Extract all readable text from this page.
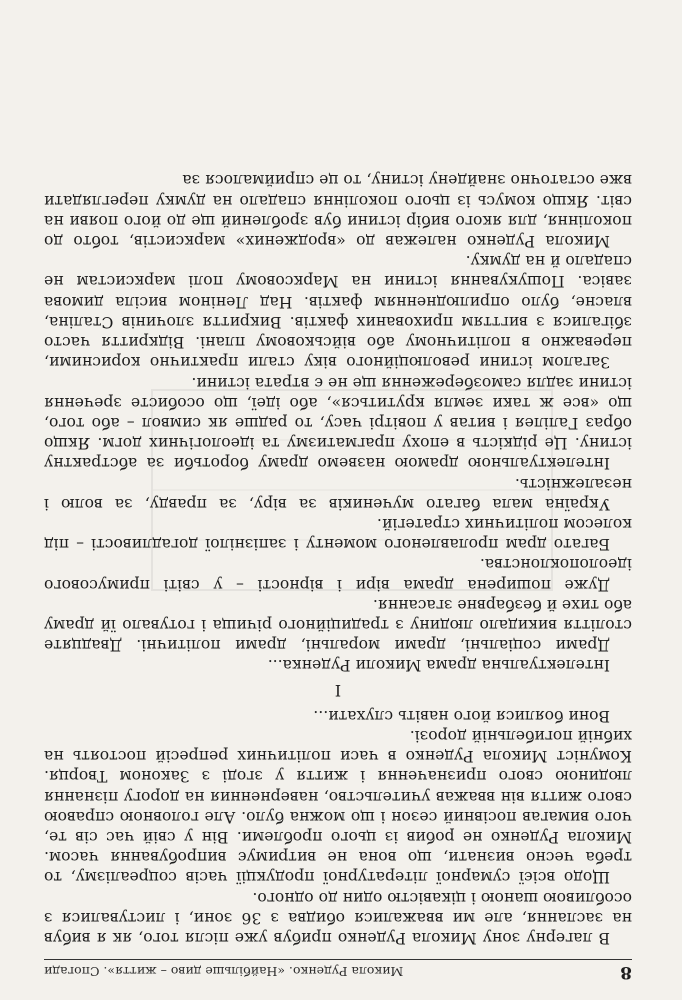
8
Микола Руденко. «Найбільше диво – життя». Спогади

В лагерну зону Микола Руденко прибув уже після того, як я вибув на заслання, але ми вважалися обидва з 36 зони, і листувалися з особливою шаною і цікавістю один до одного.

Щодо всієї сумарної літературної продукції часів соцреалізму, то треба чесно визнати, що вона не витримує випробування часом. Микола Руденко не робив із цього проблеми. Він у свій час сів те, чого вимагав посівний сезон і що можна було. Але головною справою свого життя він вважав учительство, наверненния на дорогу пізнання людиною свого призначення і життя у згоді з Законом Творця. Комуніст Микола Руденко в часи політичних репресій постоять на хибній погибельній дорозі.

Вони боялися його навіть слухати...

I

Інтелектуальна драма Миколи Руденка...

Драми соціальні, драми моральні, драми політичні. Двадцяте століття викидало людину з традиційного річища і готувало їй драму або тихе й безбарвне згасання.

Дуже поширена драма віри і вірності – у світі примусового ідеолопоклонства.

Багато драм пролавленого моменту і запізнілої догадливості – під колесом політичних стратегій.

Україна мала багато мучеників за віру, за правду, за волю і незалежність.

Інтелектуальною драмою назвемо драму боротьби за абстрактну істину. Це рідкість в епоху прагматизму та ідеологічних догм. Якщо образ Галілея і витав у повітрі часу, то радше як символ – або того, що «все ж таки земля крутиться», або ідеї, що особисте зречення істини задля самозбереження ще не є втрата істини.

Загалом істини революційного віку стали практично корисними, переважно в політичному або військовому плані. Відкриття часто збігалися з вигттям прихованих фактів. Викриття злочинів Сталіна, власне, було оприлюдненням фактів. Над Леніном висіла димова завіса. Пошукування істини на Марксовому полі марксистам не спадало й на думку.

Микола Руденко належав до «вроджених» марксистів, тобто до покоління, для якого вибір істини був зроблений ще до його появи на світ. Якщо комусь із цього покоління спадало на думку переглядати вже остаточно знайдену істину, то це сприймалося за
